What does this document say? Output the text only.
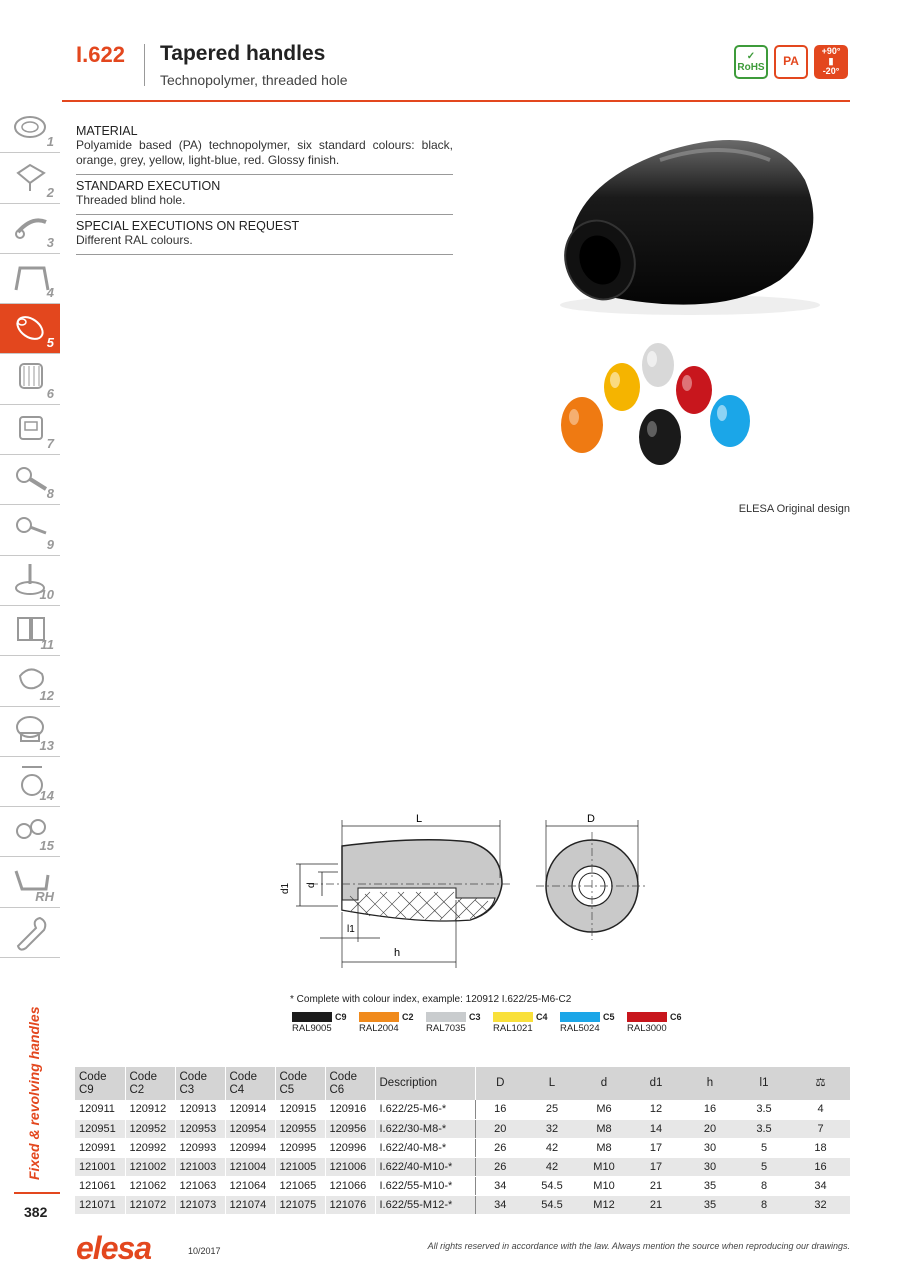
I.622 Tapered handles
Technopolymer, threaded hole
✓
RoHS PA
+90°
▮
-20°
1
2
3
4
5
6
7
8
9
10
11
12
13
14
15
RH
Fixed & revolving handles
382
MATERIAL
Polyamide based (PA) technopolymer, six standard colours: black, orange, grey, yellow, light-blue, red. Glossy finish.
STANDARD EXECUTION
Threaded blind hole.
SPECIAL EXECUTIONS ON REQUEST
Different RAL colours.
ELESA Original design
L
d1 d
l1
h
D
* Complete with colour index, example: 120912 I.622/25-M6-C2
C9
RAL9005
C2
RAL2004
C3
RAL7035
C4
RAL1021
C5
RAL5024
C6
RAL3000
Code
C9	Code
C2	Code
C3	Code
C4	Code
C5	Code
C6	Description	D	L	d	d1	h	l1	⚖
120911	120912	120913	120914	120915	120916	I.622/25-M6-*	16	25	M6	12	16	3.5	4
120951	120952	120953	120954	120955	120956	I.622/30-M8-*	20	32	M8	14	20	3.5	7
120991	120992	120993	120994	120995	120996	I.622/40-M8-*	26	42	M8	17	30	5	18
121001	121002	121003	121004	121005	121006	I.622/40-M10-*	26	42	M10	17	30	5	16
121061	121062	121063	121064	121065	121066	I.622/55-M10-*	34	54.5	M10	21	35	8	34
121071	121072	121073	121074	121075	121076	I.622/55-M12-*	34	54.5	M12	21	35	8	32
elesa	10/2017	All rights reserved in accordance with the law. Always mention the source when reproducing our drawings.
